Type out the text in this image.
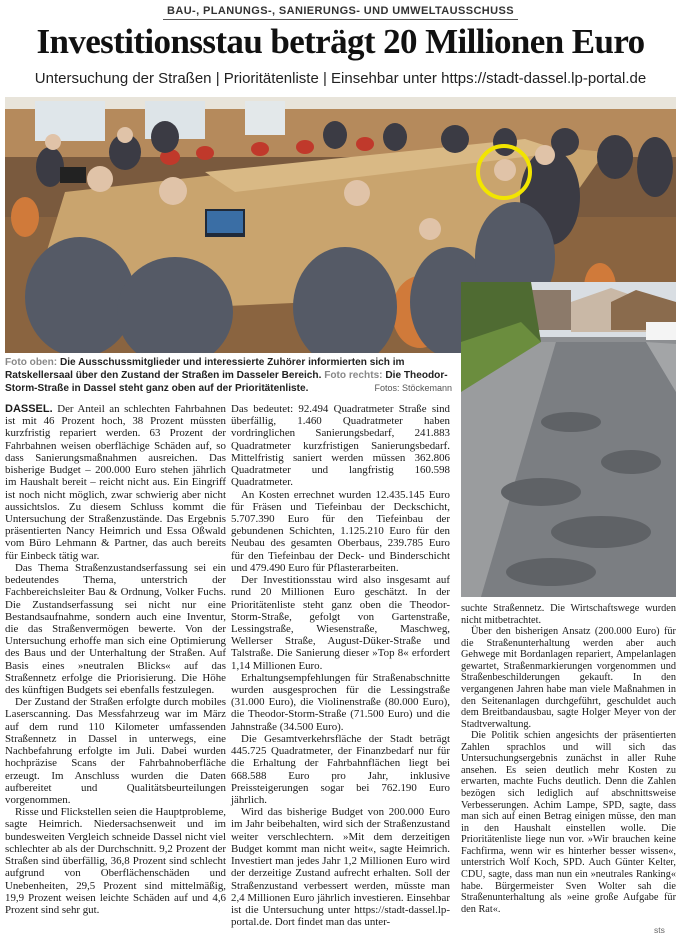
BAU-, PLANUNGS-, SANIERUNGS- UND UMWELTAUSSCHUSS
Investitionsstau beträgt 20 Millionen Euro
Untersuchung der Straßen | Prioritätenliste | Einsehbar unter https://stadt-dassel.lp-portal.de
Foto oben: Die Ausschussmitglieder und interessierte Zuhörer informierten sich im Ratskellersaal über den Zustand der Straßen im Dasseler Bereich. Foto rechts: Die Theodor-Storm-Straße in Dassel steht ganz oben auf der Prioritätenliste.	Fotos: Stöckemann

DASSEL. Der Anteil an schlechten Fahrbahnen ist mit 46 Prozent hoch, 38 Prozent müssten kurzfristig repariert werden. 63 Prozent der Fahrbahnen weisen oberflächige Schäden auf, so dass Sanierungsmaßnahmen ausreichen. Das bisherige Budget – 200.000 Euro stehen jährlich im Haushalt bereit – reicht nicht aus. Ein Eingriff ist noch nicht möglich, zwar schwierig aber nicht aussichtslos. Zu diesem Schluss kommt die Untersuchung der Straßenzustände. Das Ergebnis präsentierten Nancy Heimrich und Essa Oßwald vom Büro Lehmann & Partner, das auch bereits für Einbeck tätig war.

Das Thema Straßenzustandserfassung sei ein bedeutendes Thema, unterstrich der Fachbereichsleiter Bau & Ordnung, Volker Fuchs. Die Zustandserfassung sei nicht nur eine Bestandsaufnahme, sondern auch eine Inventur, die das Straßenvermögen bewerte. Von der Untersuchung erhoffe man sich eine Optimierung des Baus und der Unterhaltung der Straßen. Auf Basis eines »neutralen Blicks« auf das Straßennetz erfolge die Priorisierung. Die Höhe des künftigen Budgets sei ebenfalls festzulegen.

Der Zustand der Straßen erfolgte durch mobiles Laserscanning. Das Messfahrzeug war im März auf dem rund 110 Kilometer umfassenden Straßennetz in Dassel in unterwegs, eine Nachbefahrung erfolgte im Juli. Dabei wurden hochpräzise Scans der Fahrbahnoberfläche erzeugt. Im Anschluss wurden die Daten aufbereitet und Qualitätsbeurteilungen vorgenommen.

Risse und Flickstellen seien die Hauptprobleme, sagte Heimrich. Niedersachsenweit und im bundesweiten Vergleich schneide Dassel nicht viel schlechter ab als der Durchschnitt. 9,2 Prozent der Straßen sind überfällig, 36,8 Prozent sind schlecht aufgrund von Oberflächenschäden und Unebenheiten, 29,5 Prozent sind mittelmäßig, 19,9 Prozent weisen leichte Schäden auf und 4,6 Prozent sind sehr gut.

Das bedeutet: 92.494 Quadratmeter Straße sind überfällig, 1.460 Quadratmeter haben vordringlichen Sanierungsbedarf, 241.883 Quadratmeter kurzfristigen Sanierungsbedarf. Mittelfristig saniert werden müssen 362.806 Quadratmeter und langfristig 160.598 Quadratmeter.

An Kosten errechnet wurden 12.435.145 Euro für Fräsen und Tiefeinbau der Deckschicht, 5.707.390 Euro für den Tiefeinbau der gebundenen Schichten, 1.125.210 Euro für den Neubau des gesamten Oberbaus, 239.785 Euro für den Tiefeinbau der Deck- und Binderschicht und 479.490 Euro für Pflasterarbeiten.

Der Investitionsstau wird also insgesamt auf rund 20 Millionen Euro geschätzt. In der Prioritätenliste steht ganz oben die Theodor-Storm-Straße, gefolgt von Gartenstraße, Lessingstraße, Wiesenstraße, Maschweg, Wellerser Straße, August-Düker-Straße und Talstraße. Die Sanierung dieser »Top 8« erfordert 1,14 Millionen Euro.

Erhaltungsempfehlungen für Straßenabschnitte wurden ausgesprochen für die Lessingstraße (31.000 Euro), die Violinenstraße (80.000 Euro), die Theodor-Storm-Straße (71.500 Euro) und die Jahnstraße (34.500 Euro).

Die Gesamtverkehrsfläche der Stadt beträgt 445.725 Quadratmeter, der Finanzbedarf nur für die Erhaltung der Fahrbahnflächen liegt bei 668.588 Euro pro Jahr, inklusive Preissteigerungen sogar bei 762.190 Euro jährlich.

Wird das bisherige Budget von 200.000 Euro im Jahr beibehalten, wird sich der Straßenzustand weiter verschlechtern. »Mit dem derzeitigen Budget kommt man nicht weit«, sagte Heimrich. Investiert man jedes Jahr 1,2 Millionen Euro wird der derzeitige Zustand aufrecht erhalten. Soll der Straßenzustand verbessert werden, müsste man 2,4 Millionen Euro jährlich investieren. Einsehbar ist die Untersuchung unter https://stadt-dassel.lp-portal.de. Dort findet man das unter-

suchte Straßennetz. Die Wirtschaftswege wurden nicht mitbetrachtet.

Über den bisherigen Ansatz (200.000 Euro) für die Straßenunterhaltung werden aber auch Gehwege mit Bordanlagen repariert, Ampelanlagen gewartet, Straßenmarkierungen vorgenommen und Straßenbeschilderungen gekauft. In den vergangenen Jahren habe man viele Maßnahmen in den Seitenanlagen durchgeführt, geschuldet auch dem Breitbandausbau, sagte Holger Meyer von der Stadtverwaltung.

Die Politik schien angesichts der präsentierten Zahlen sprachlos und will sich das Untersuchungsergebnis zunächst in aller Ruhe ansehen. Es seien deutlich mehr Kosten zu erwarten, machte Fuchs deutlich. Denn die Zahlen bezögen sich lediglich auf abschnittsweise Verbesserungen. Achim Lampe, SPD, sagte, dass man sich auf einen Betrag einigen müsse, den man in den Haushalt einstellen wolle. Die Prioritätenliste liege nun vor. »Wir brauchen keine Fachfirma, wenn wir es hinterher besser wissen«, unterstrich Wolf Koch, SPD. Auch Günter Kelter, CDU, sagte, dass man nun ein »neutrales Ranking« habe. Bürgermeister Sven Wolter sah die Straßenunterhaltung als »eine große Aufgabe für den Rat«.

sts
